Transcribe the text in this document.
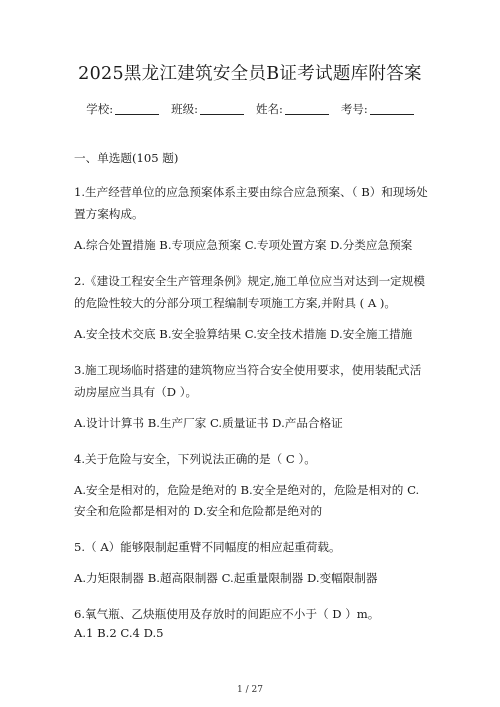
2025黑龙江建筑安全员B证考试题库附答案
学校:	班级:	姓名:	考号:
一、单选题(105 题)
1.生产经营单位的应急预案体系主要由综合应急预案、（ B）和现场处置方案构成。
A.综合处置措施 B.专项应急预案 C.专项处置方案 D.分类应急预案
2.《建设工程安全生产管理条例》规定,施工单位应当对达到一定规模的危险性较大的分部分项工程编制专项施工方案,并附具 ( A )。
A.安全技术交底 B.安全验算结果 C.安全技术措施 D.安全施工措施
3.施工现场临时搭建的建筑物应当符合安全使用要求，使用装配式活动房屋应当具有（D ）。
A.设计计算书 B.生产厂家 C.质量证书 D.产品合格证
4.关于危险与安全，下列说法正确的是（ C ）。
A.安全是相对的，危险是绝对的 B.安全是绝对的，危险是相对的 C.安全和危险都是相对的 D.安全和危险都是绝对的
5.（ A）能够限制起重臂不同幅度的相应起重荷载。
A.力矩限制器 B.超高限制器 C.起重量限制器 D.变幅限制器
6.氧气瓶、乙炔瓶使用及存放时的间距应不小于（ D ）m。
A.1 B.2 C.4 D.5
1 / 27
